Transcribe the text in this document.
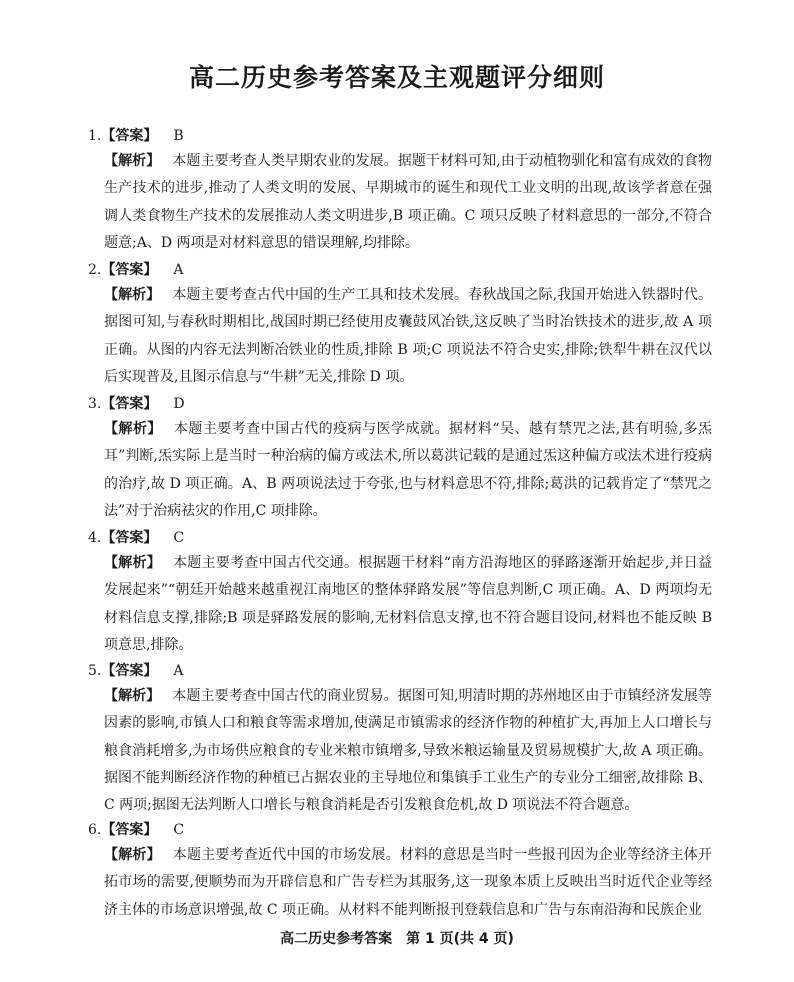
高二历史参考答案及主观题评分细则
1.【答案】 B

【解析】 本题主要考查人类早期农业的发展。据题干材料可知,由于动植物驯化和富有成效的食物生产技术的进步,推动了人类文明的发展、早期城市的诞生和现代工业文明的出现,故该学者意在强调人类食物生产技术的发展推动人类文明进步,B 项正确。C 项只反映了材料意思的一部分,不符合题意;A、D 两项是对材料意思的错误理解,均排除。

2.【答案】 A

【解析】 本题主要考查古代中国的生产工具和技术发展。春秋战国之际,我国开始进入铁器时代。据图可知,与春秋时期相比,战国时期已经使用皮囊鼓风冶铁,这反映了当时冶铁技术的进步,故 A 项正确。从图的内容无法判断冶铁业的性质,排除 B 项;C 项说法不符合史实,排除;铁犁牛耕在汉代以后实现普及,且图示信息与“牛耕”无关,排除 D 项。

3.【答案】 D

【解析】 本题主要考查中国古代的疫病与医学成就。据材料“吴、越有禁咒之法,甚有明验,多炁耳”判断,炁实际上是当时一种治病的偏方或法术,所以葛洪记载的是通过炁这种偏方或法术进行疫病的治疗,故 D 项正确。A、B 两项说法过于夸张,也与材料意思不符,排除;葛洪的记载肯定了“禁咒之法”对于治病祛灾的作用,C 项排除。

4.【答案】 C

【解析】 本题主要考查中国古代交通。根据题干材料“南方沿海地区的驿路逐渐开始起步,并日益发展起来”“朝廷开始越来越重视江南地区的整体驿路发展”等信息判断,C 项正确。A、D 两项均无材料信息支撑,排除;B 项是驿路发展的影响,无材料信息支撑,也不符合题目设问,材料也不能反映 B 项意思,排除。

5.【答案】 A

【解析】 本题主要考查中国古代的商业贸易。据图可知,明清时期的苏州地区由于市镇经济发展等因素的影响,市镇人口和粮食等需求增加,使满足市镇需求的经济作物的种植扩大,再加上人口增长与粮食消耗增多,为市场供应粮食的专业米粮市镇增多,导致米粮运输量及贸易规模扩大,故 A 项正确。据图不能判断经济作物的种植已占据农业的主导地位和集镇手工业生产的专业分工细密,故排除 B、C 两项;据图无法判断人口增长与粮食消耗是否引发粮食危机,故 D 项说法不符合题意。

6.【答案】 C

【解析】 本题主要考查近代中国的市场发展。材料的意思是当时一些报刊因为企业等经济主体开拓市场的需要,便顺势而为开辟信息和广告专栏为其服务,这一现象本质上反映出当时近代企业等经济主体的市场意识增强,故 C 项正确。从材料不能判断报刊登载信息和广告与东南沿海和民族企业

高二历史参考答案　第 1 页(共 4 页)
